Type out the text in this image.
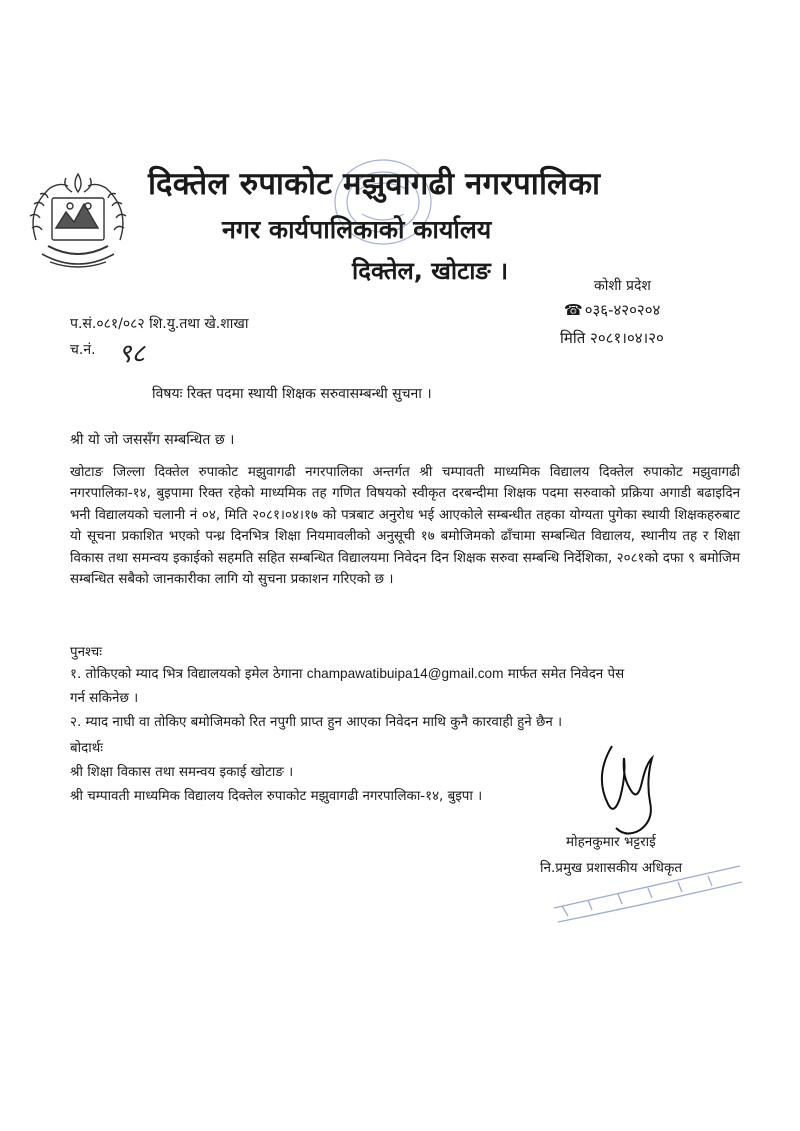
दिक्तेल रुपाकोट मझुवागढी नगरपालिका
नगर कार्यपालिकाको कार्यालय
दिक्तेल, खोटाङ ।
कोशी प्रदेश
☎ ०३६-४२०२०४
मिति २०८१।०४।२०
प.सं.०८१/०८२ शि.यु.तथा खे.शाखा
च.नं. ९८
विषयः रिक्त पदमा स्थायी शिक्षक सरुवासम्बन्धी सुचना ।
श्री यो जो जससँग सम्बन्धित छ ।
खोटाङ जिल्ला दिक्तेल रुपाकोट मझुवागढी नगरपालिका अन्तर्गत श्री चम्पावती माध्यमिक विद्यालय दिक्तेल रुपाकोट मझुवागढी नगरपालिका-१४, बुइपामा रिक्त रहेको माध्यमिक तह गणित विषयको स्वीकृत दरबन्दीमा शिक्षक पदमा सरुवाको प्रक्रिया अगाडी बढाइदिन भनी विद्यालयको चलानी नं ०४, मिति २०८१।०४।१७ को पत्रबाट अनुरोध भई आएकोले सम्बन्धीत तहका योग्यता पुगेका स्थायी शिक्षकहरुबाट यो सूचना प्रकाशित भएको पन्ध्र दिनभित्र शिक्षा नियमावलीको अनुसूची १७ बमोजिमको ढाँचामा सम्बन्धित विद्यालय, स्थानीय तह र शिक्षा विकास तथा समन्वय इकाईको सहमति सहित सम्बन्धित विद्यालयमा निवेदन दिन शिक्षक सरुवा सम्बन्धि निर्देशिका, २०८१को दफा ९ बमोजिम सम्बन्धित सबैको जानकारीका लागि यो सुचना प्रकाशन गरिएको छ ।
पुनश्चः
१. तोकिएको म्याद भित्र विद्यालयको इमेल ठेगाना champawatibuipa14@gmail.com मार्फत समेत निवेदन पेस
गर्न सकिनेछ ।
२. म्याद नाघी वा तोकिए बमोजिमको रित नपुगी प्राप्त हुन आएका निवेदन माथि कुनै कारवाही हुने छैन ।
बोदार्थः
श्री शिक्षा विकास तथा समन्वय इकाई खोटाङ ।
श्री चम्पावती माध्यमिक विद्यालय दिक्तेल रुपाकोट मझुवागढी नगरपालिका-१४, बुइपा ।
मोहनकुमार भट्टराई
नि.प्रमुख प्रशासकीय अधिकृत
